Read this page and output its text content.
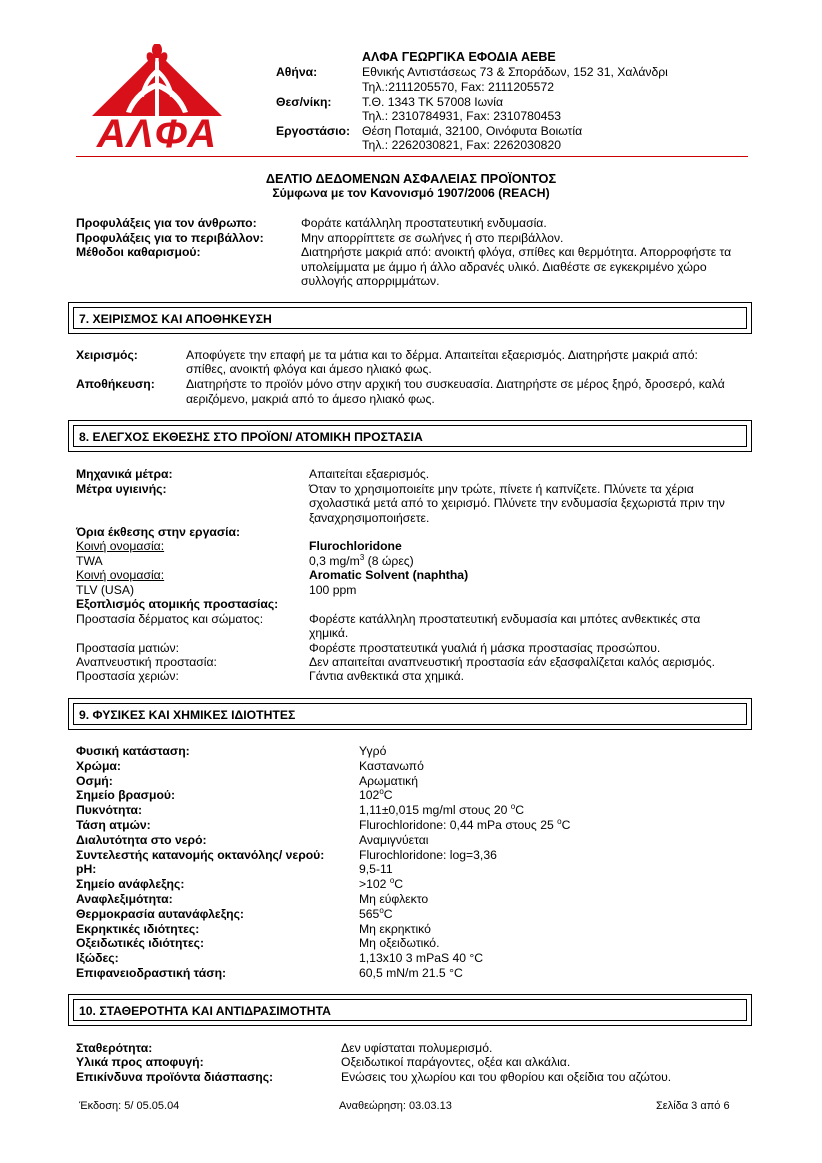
ΑΛΦΑ
ΑΛΦΑ ΓΕΩΡΓΙΚΑ ΕΦΟΔΙΑ ΑΕΒΕ
Αθήνα:	Εθνικής Αντιστάσεως 73 & Σποράδων, 152 31, Χαλάνδρι
Τηλ.:2111205570, Fax: 2111205572
Θεσ/νίκη:	Τ.Θ. 1343 ΤΚ 57008 Ιωνία
Τηλ.: 2310784931, Fax: 2310780453
Εργοστάσιο: Θέση Ποταμιά, 32100, Οινόφυτα Βοιωτία
Τηλ.: 2262030821, Fax: 2262030820
ΔΕΛΤΙΟ ΔΕΔΟΜΕΝΩΝ ΑΣΦΑΛΕΙΑΣ ΠΡΟΪΟΝΤΟΣ
Σύμφωνα με τον Κανονισμό 1907/2006 (REACH)
Προφυλάξεις για τον άνθρωπο:	Φοράτε κατάλληλη προστατευτική ενδυμασία.
Προφυλάξεις για το περιβάλλον:	Μην απορρίπτετε σε σωλήνες ή στο περιβάλλον.
Μέθοδοι καθαρισμού:	Διατηρήστε μακριά από: ανοικτή φλόγα, σπίθες και θερμότητα. Απορροφήστε τα
υπολείμματα με άμμο ή άλλο αδρανές υλικό. Διαθέστε σε εγκεκριμένο χώρο
συλλογής απορριμμάτων.
7. ΧΕΙΡΙΣΜΟΣ ΚΑΙ ΑΠΟΘΗΚΕΥΣΗ
Χειρισμός:	Αποφύγετε την επαφή με τα μάτια και το δέρμα. Απαιτείται εξαερισμός. Διατηρήστε μακριά από:
σπίθες, ανοικτή φλόγα και άμεσο ηλιακό φως.
Αποθήκευση:	Διατηρήστε το προϊόν μόνο στην αρχική του συσκευασία. Διατηρήστε σε μέρος ξηρό, δροσερό, καλά
αεριζόμενο, μακριά από το άμεσο ηλιακό φως.
8. ΕΛΕΓΧΟΣ ΕΚΘΕΣΗΣ ΣΤΟ ΠΡΟΪΟΝ/ ΑΤΟΜΙΚΗ ΠΡΟΣΤΑΣΙΑ
Μηχανικά μέτρα:	Απαιτείται εξαερισμός.
Μέτρα υγιεινής:	Όταν το χρησιμοποιείτε μην τρώτε, πίνετε ή καπνίζετε. Πλύνετε τα χέρια
σχολαστικά μετά από το χειρισμό. Πλύνετε την ενδυμασία ξεχωριστά πριν την
ξαναχρησιμοποιήσετε.
Όρια έκθεσης στην εργασία:
Κοινή ονομασία:	Flurochloridone
TWA	0,3 $mg/m^3$ (8 ώρες)
Κοινή ονομασία:	Aromatic Solvent (naphtha)
TLV (USA)	100 ppm
Εξοπλισμός ατομικής προστασίας:
Προστασία δέρματος και σώματος:	Φορέστε κατάλληλη προστατευτική ενδυμασία και μπότες ανθεκτικές στα
χημικά.
Προστασία ματιών:	Φορέστε προστατευτικά γυαλιά ή μάσκα προστασίας προσώπου.
Αναπνευστική προστασία:	Δεν απαιτείται αναπνευστική προστασία εάν εξασφαλίζεται καλός αερισμός.
Προστασία χεριών:	Γάντια ανθεκτικά στα χημικά.
9. ΦΥΣΙΚΕΣ ΚΑΙ ΧΗΜΙΚΕΣ ΙΔΙΟΤΗΤΕΣ
Φυσική κατάσταση:	Υγρό
Χρώμα:	Καστανωπό
Οσμή:	Αρωματική
Σημείο βρασμού:	102$^o$C
Πυκνότητα:	1,11±0,015 mg/ml στους 20 $^o$C
Τάση ατμών:	Flurochloridone: 0,44 mPa στους 25 $^o$C
Διαλυτότητα στο νερό:	Αναμιγνύεται
Συντελεστής κατανομής οκτανόλης/ νερού:	Flurochloridone: log=3,36
pH:	9,5-11
Σημείο ανάφλεξης:	>102 $^o$C
Αναφλεξιμότητα:	Μη εύφλεκτο
Θερμοκρασία αυτανάφλεξης:	565$^o$C
Εκρηκτικές ιδιότητες:	Μη εκρηκτικό
Οξειδωτικές ιδιότητες:	Μη οξειδωτικό.
Ιξώδες:	1,13x10 3 mPaS 40 °C
Επιφανειοδραστική τάση:	60,5 mN/m 21.5 °C
10. ΣΤΑΘΕΡΟΤΗΤΑ ΚΑΙ ΑΝΤΙΔΡΑΣΙΜΟΤΗΤΑ
Σταθερότητα:	Δεν υφίσταται πολυμερισμό.
Υλικά προς αποφυγή:	Οξειδωτικοί παράγοντες, οξέα και αλκάλια.
Επικίνδυνα προϊόντα διάσπασης:	Ενώσεις του χλωρίου και του φθορίου και οξείδια του αζώτου.
Έκδοση: 5/ 05.05.04	Αναθεώρηση: 03.03.13	Σελίδα 3 από 6
